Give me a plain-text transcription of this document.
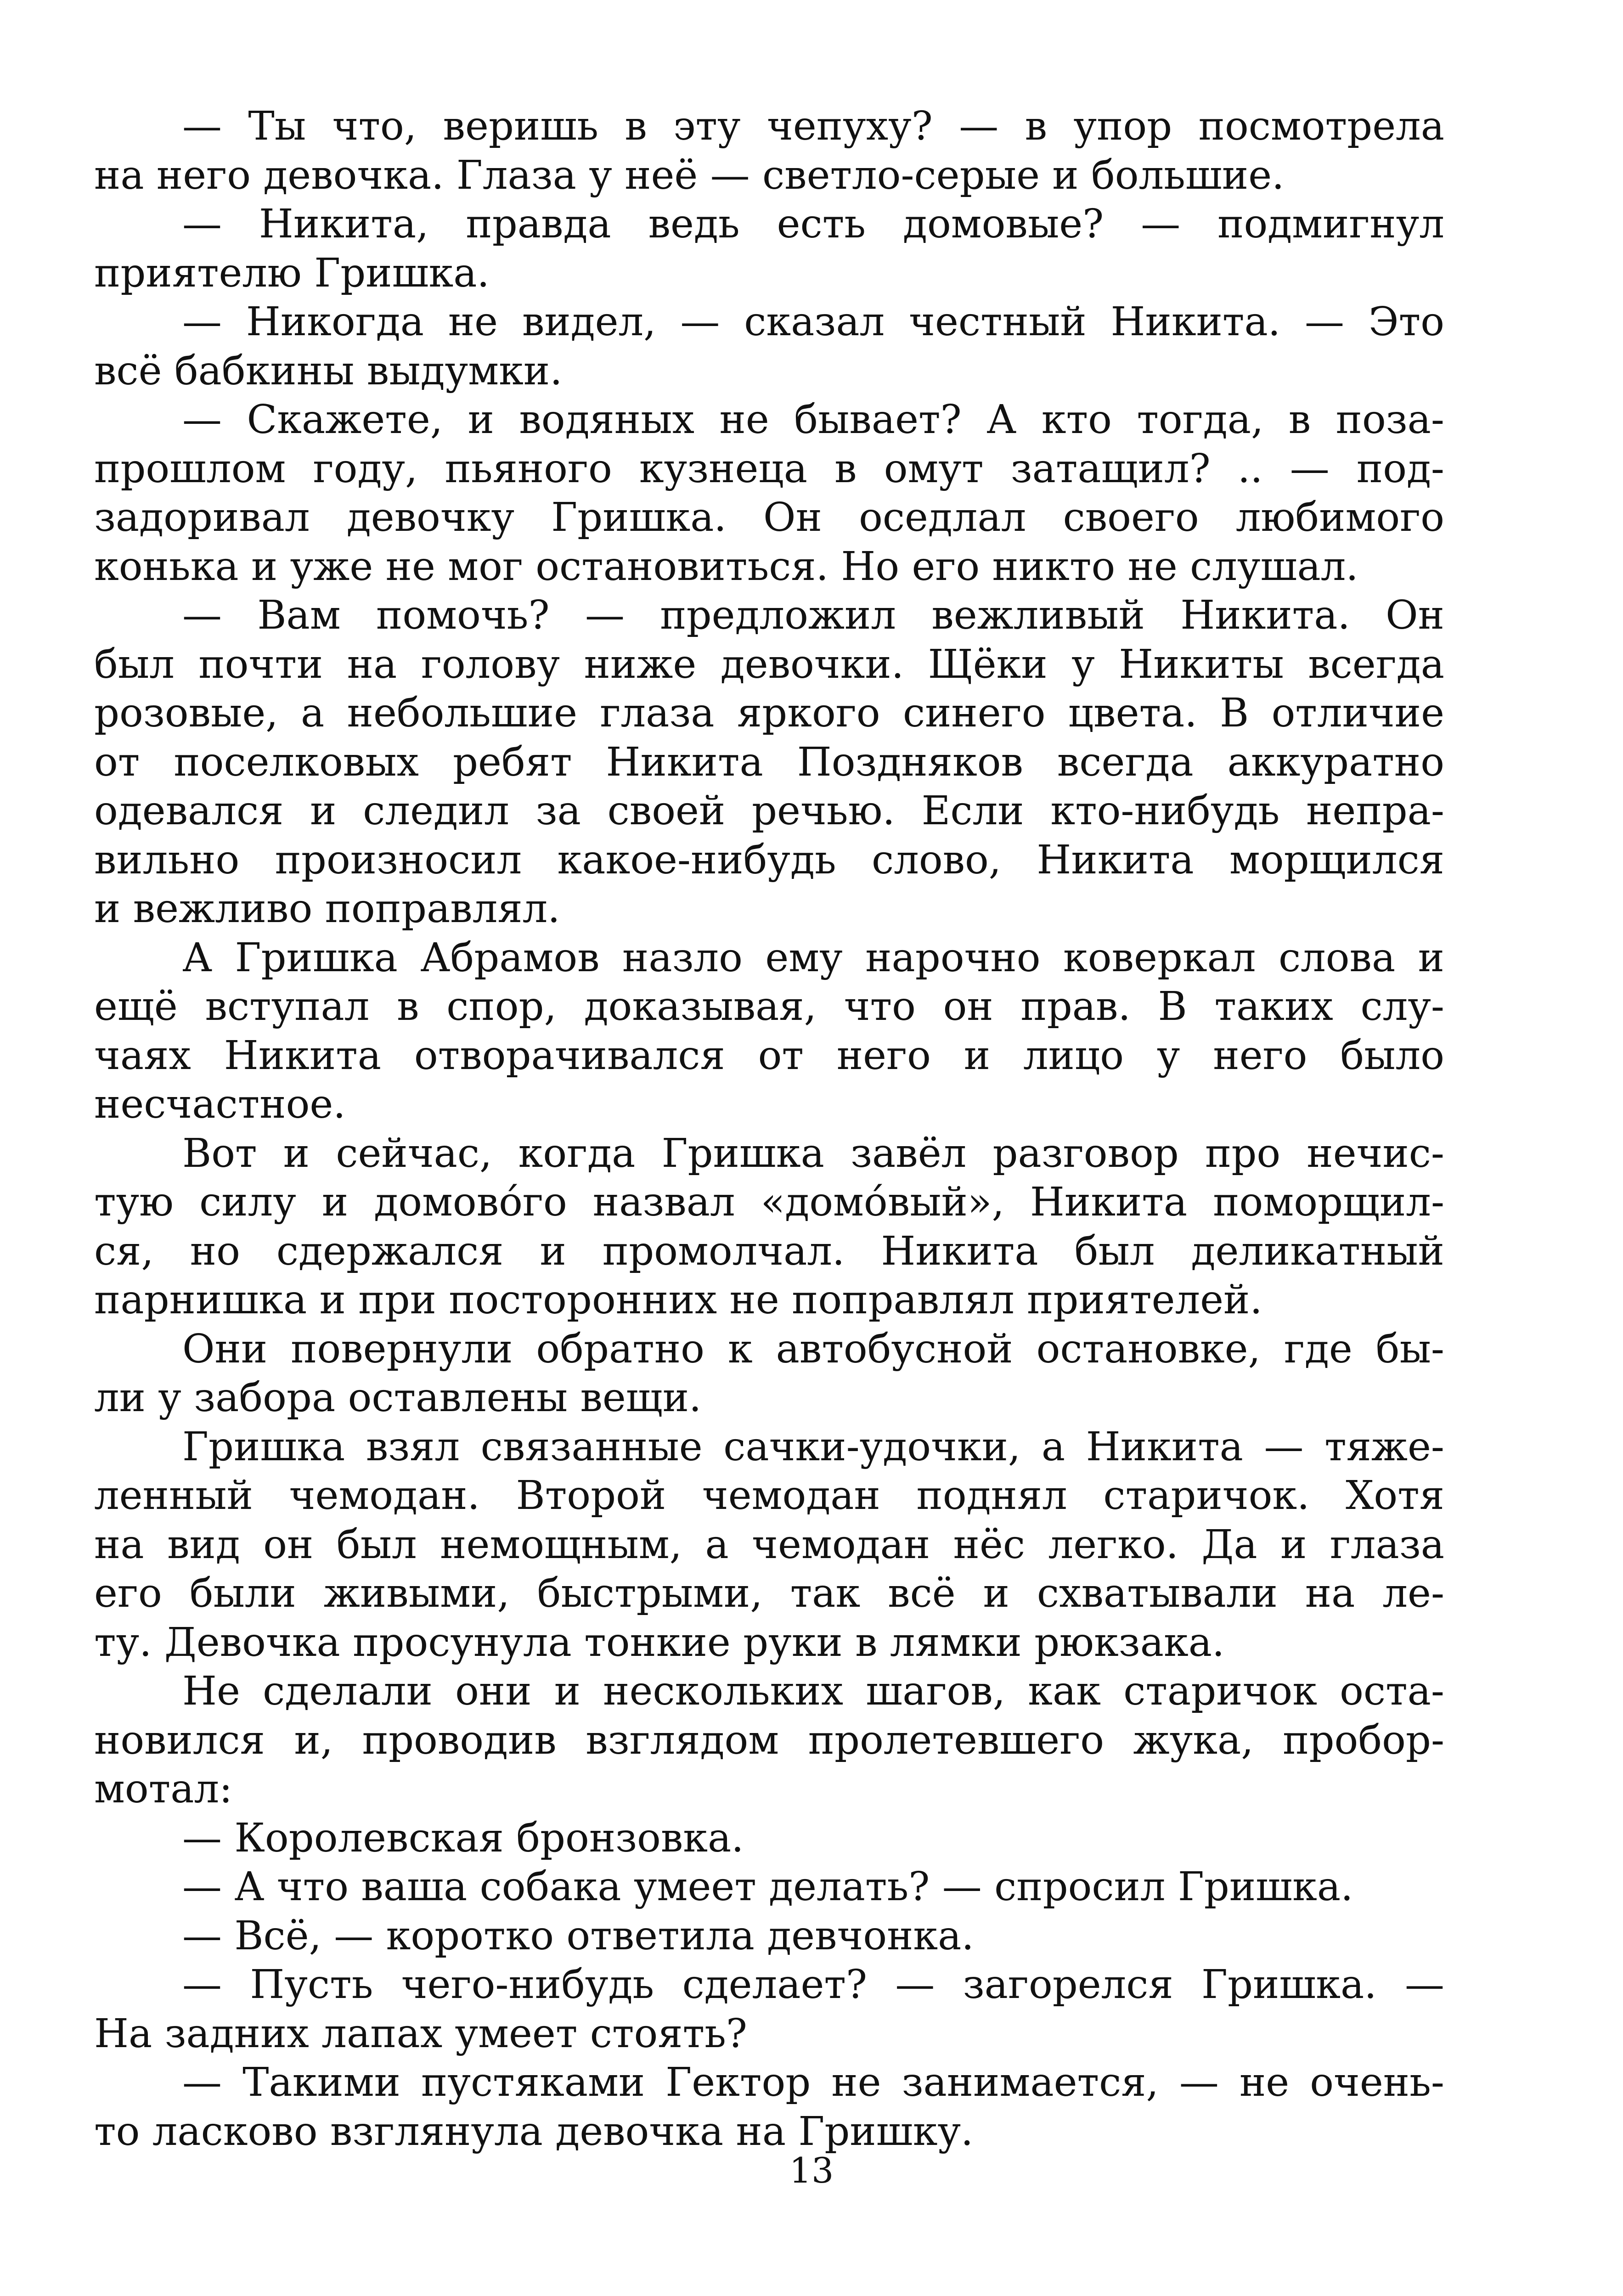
— Ты что, веришь в эту чепуху? — в упор посмотрела
на него девочка. Глаза у неё — светло-серые и большие.
— Никита, правда ведь есть домовые? — подмигнул
приятелю Гришка.
— Никогда не видел, — сказал честный Никита. — Это
всё бабкины выдумки.
— Скажете, и водяных не бывает? А кто тогда, в поза-
прошлом году, пьяного кузнеца в омут затащил? .. — под-
задоривал девочку Гришка. Он оседлал своего любимого
конька и уже не мог остановиться. Но его никто не слушал.
— Вам помочь? — предложил вежливый Никита. Он
был почти на голову ниже девочки. Щёки у Никиты всегда
розовые, а небольшие глаза яркого синего цвета. В отличие
от поселковых ребят Никита Поздняков всегда аккуратно
одевался и следил за своей речью. Если кто-нибудь непра-
вильно произносил какое-нибудь слово, Никита морщился
и вежливо поправлял.
А Гришка Абрамов назло ему нарочно коверкал слова и
ещё вступал в спор, доказывая, что он прав. В таких слу-
чаях Никита отворачивался от него и лицо у него было
несчастное.
Вот и сейчас, когда Гришка завёл разговор про нечис-
тую силу и домово́го назвал «домо́вый», Никита поморщил-
ся, но сдержался и промолчал. Никита был деликатный
парнишка и при посторонних не поправлял приятелей.
Они повернули обратно к автобусной остановке, где бы-
ли у забора оставлены вещи.
Гришка взял связанные сачки-удочки, а Никита — тяже-
ленный чемодан. Второй чемодан поднял старичок. Хотя
на вид он был немощным, а чемодан нёс легко. Да и глаза
его были живыми, быстрыми, так всё и схватывали на ле-
ту. Девочка просунула тонкие руки в лямки рюкзака.
Не сделали они и нескольких шагов, как старичок оста-
новился и, проводив взглядом пролетевшего жука, пробор-
мотал:
— Королевская бронзовка.
— А что ваша собака умеет делать? — спросил Гришка.
— Всё, — коротко ответила девчонка.
— Пусть чего-нибудь сделает? — загорелся Гришка. —
На задних лапах умеет стоять?
— Такими пустяками Гектор не занимается, — не очень-
то ласково взглянула девочка на Гришку.
13
